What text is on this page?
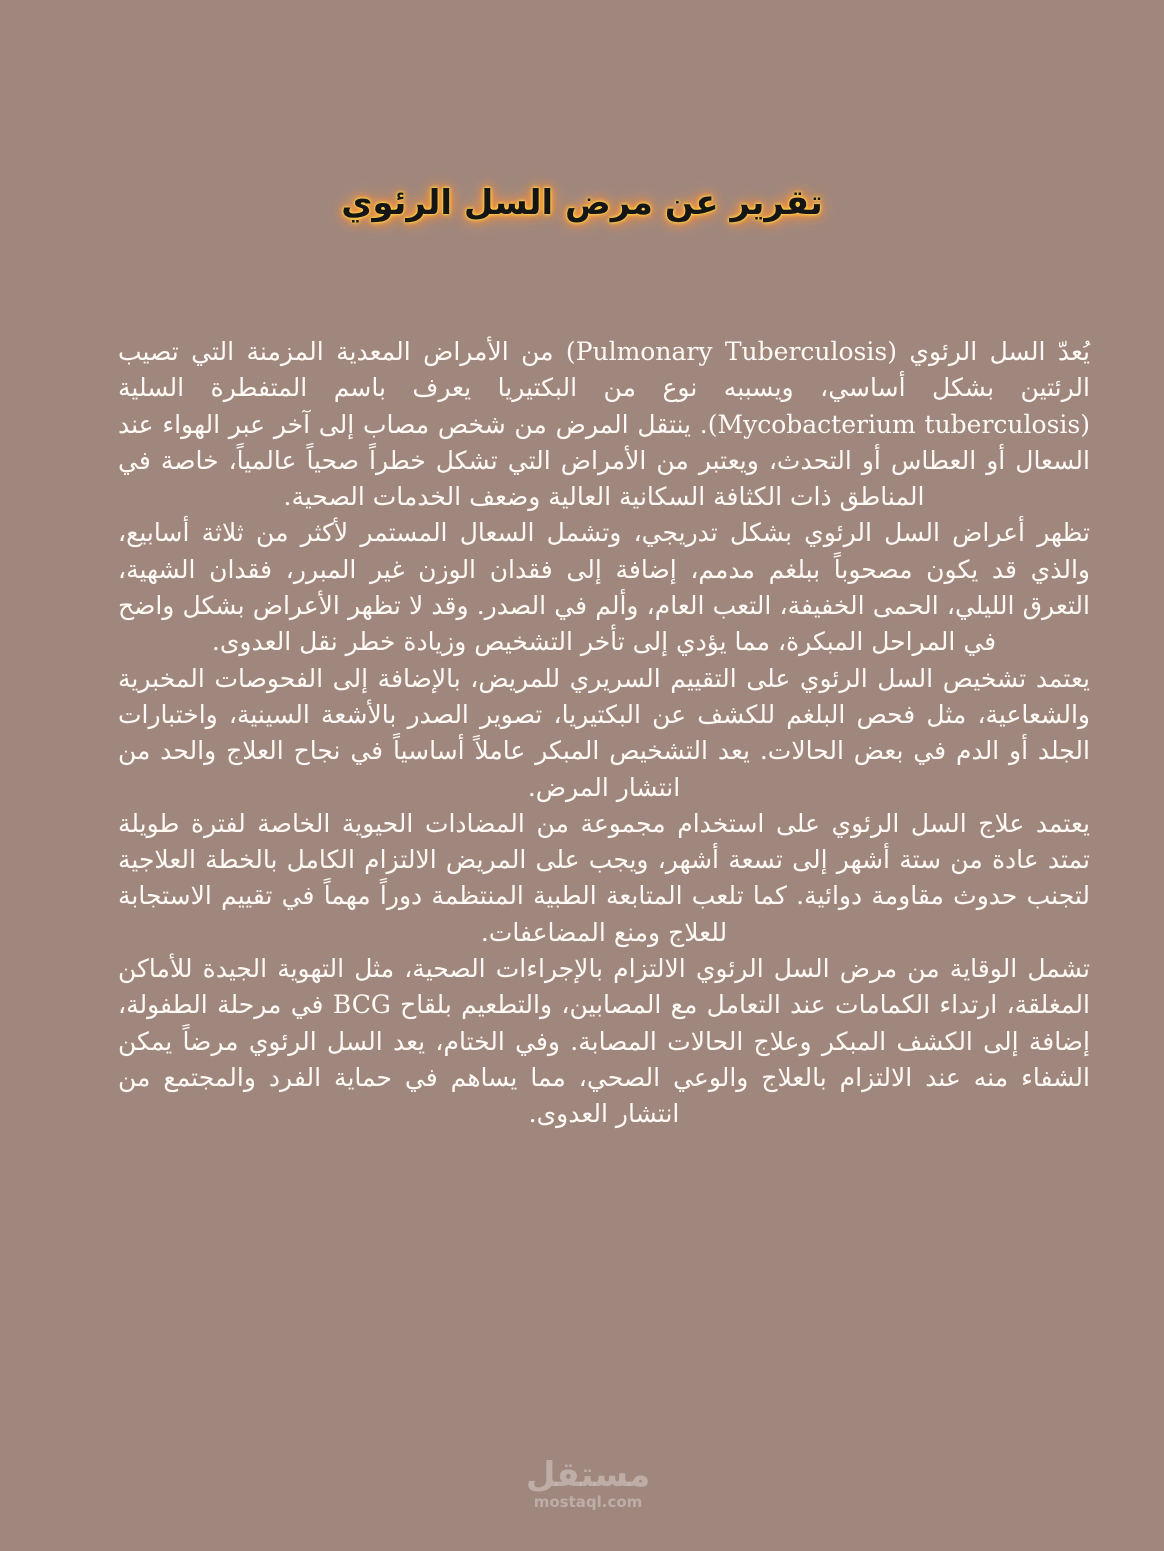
تقرير عن مرض السل الرئوي

يُعدّ السل الرئوي (Pulmonary Tuberculosis) من الأمراض المعدية المزمنة التي تصيب الرئتين بشكل أساسي، ويسببه نوع من البكتيريا يعرف باسم المتفطرة السلية (Mycobacterium tuberculosis). ينتقل المرض من شخص مصاب إلى آخر عبر الهواء عند السعال أو العطاس أو التحدث، ويعتبر من الأمراض التي تشكل خطراً صحياً عالمياً، خاصة في المناطق ذات الكثافة السكانية العالية وضعف الخدمات الصحية.

تظهر أعراض السل الرئوي بشكل تدريجي، وتشمل السعال المستمر لأكثر من ثلاثة أسابيع، والذي قد يكون مصحوباً ببلغم مدمم، إضافة إلى فقدان الوزن غير المبرر، فقدان الشهية، التعرق الليلي، الحمى الخفيفة، التعب العام، وألم في الصدر. وقد لا تظهر الأعراض بشكل واضح في المراحل المبكرة، مما يؤدي إلى تأخر التشخيص وزيادة خطر نقل العدوى.

يعتمد تشخيص السل الرئوي على التقييم السريري للمريض، بالإضافة إلى الفحوصات المخبرية والشعاعية، مثل فحص البلغم للكشف عن البكتيريا، تصوير الصدر بالأشعة السينية، واختبارات الجلد أو الدم في بعض الحالات. يعد التشخيص المبكر عاملاً أساسياً في نجاح العلاج والحد من انتشار المرض.

يعتمد علاج السل الرئوي على استخدام مجموعة من المضادات الحيوية الخاصة لفترة طويلة تمتد عادة من ستة أشهر إلى تسعة أشهر، ويجب على المريض الالتزام الكامل بالخطة العلاجية لتجنب حدوث مقاومة دوائية. كما تلعب المتابعة الطبية المنتظمة دوراً مهماً في تقييم الاستجابة للعلاج ومنع المضاعفات.

تشمل الوقاية من مرض السل الرئوي الالتزام بالإجراءات الصحية، مثل التهوية الجيدة للأماكن المغلقة، ارتداء الكمامات عند التعامل مع المصابين، والتطعيم بلقاح BCG في مرحلة الطفولة، إضافة إلى الكشف المبكر وعلاج الحالات المصابة. وفي الختام، يعد السل الرئوي مرضاً يمكن الشفاء منه عند الالتزام بالعلاج والوعي الصحي، مما يساهم في حماية الفرد والمجتمع من انتشار العدوى.

مستقل
mostaql.com
